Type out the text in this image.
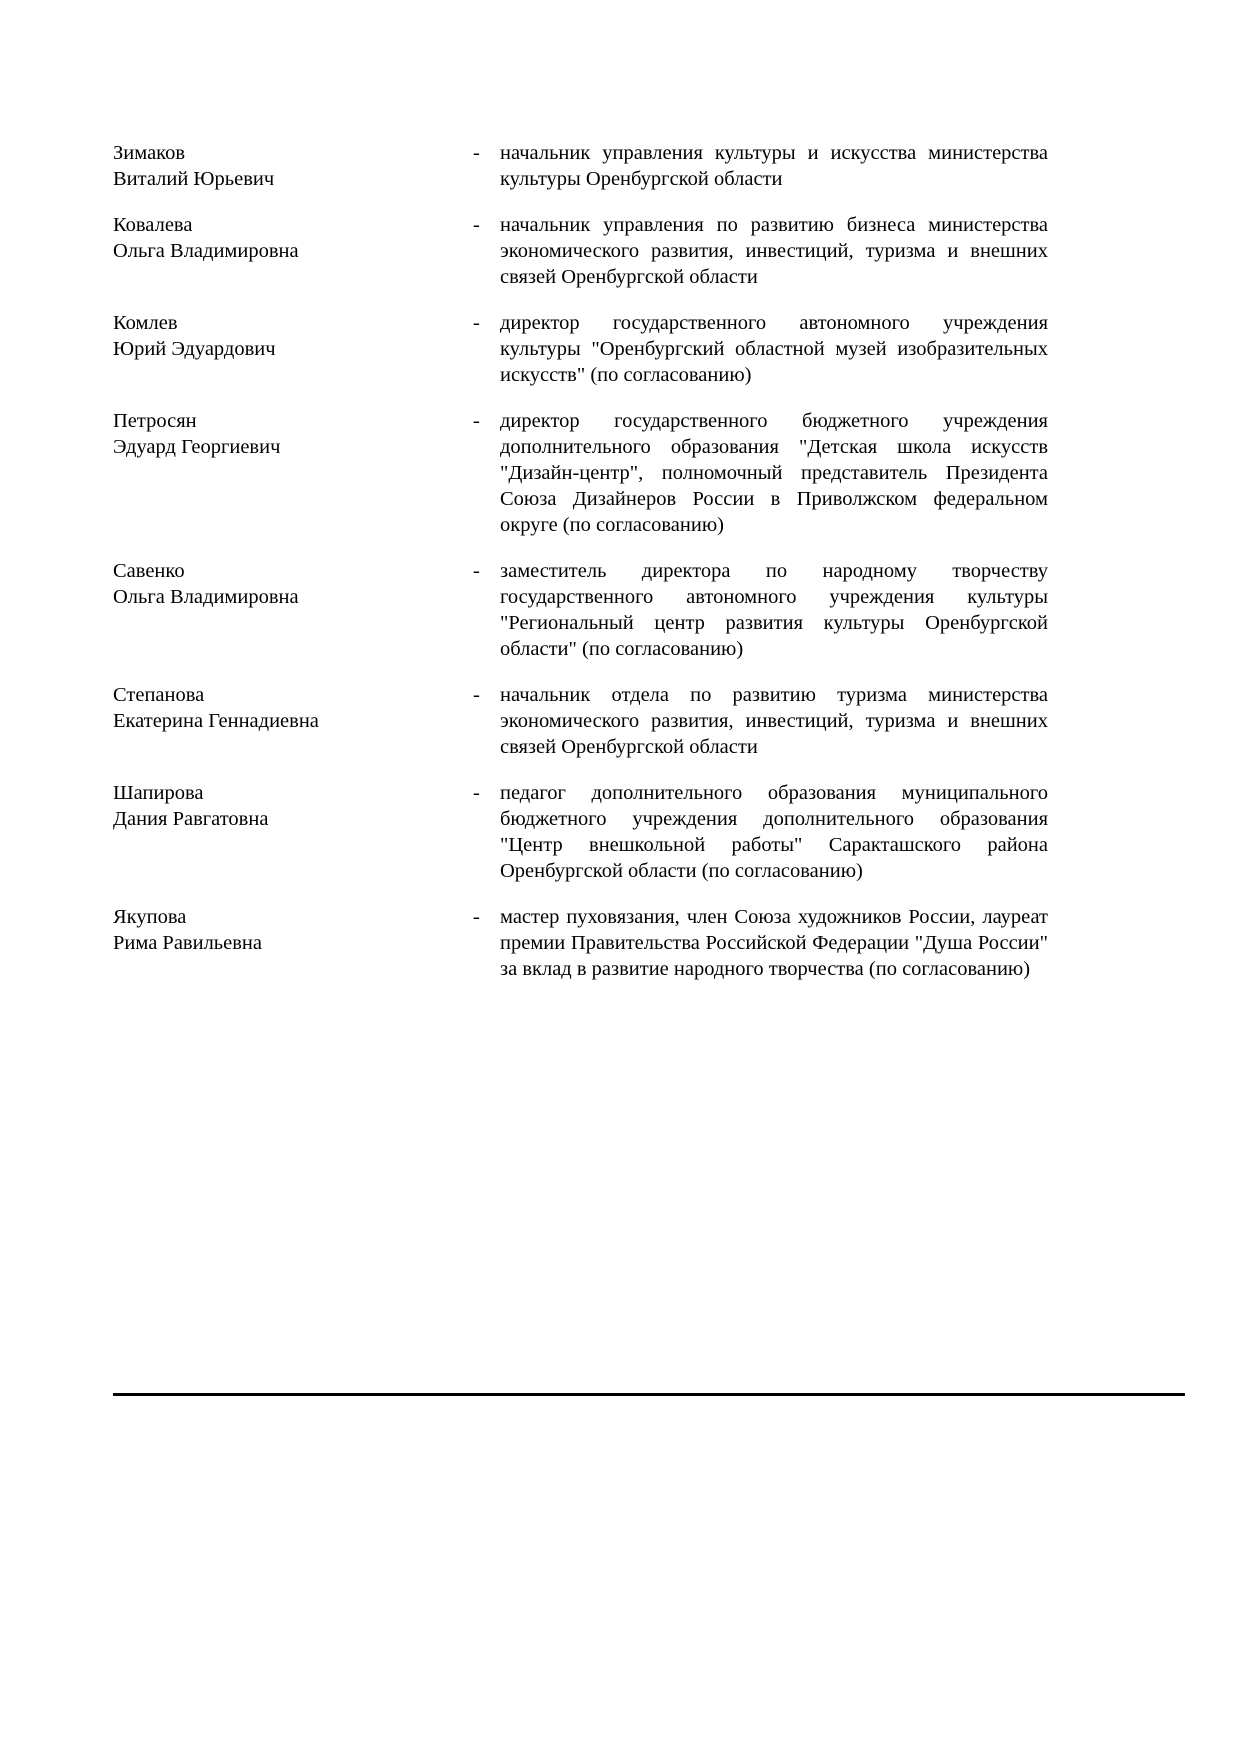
Зимаков
Виталий Юрьевич
- начальник управления культуры и искусства министерства культуры Оренбургской области
Ковалева
Ольга Владимировна
- начальник управления по развитию бизнеса министерства экономического развития, инвестиций, туризма и внешних связей Оренбургской области
Комлев
Юрий Эдуардович
- директор государственного автономного учреждения культуры "Оренбургский областной музей изобразительных искусств" (по согласованию)
Петросян
Эдуард Георгиевич
- директор государственного бюджетного учреждения дополнительного образования "Детская школа искусств "Дизайн-центр", полномочный представитель Президента Союза Дизайнеров России в Приволжском федеральном округе (по согласованию)
Савенко
Ольга Владимировна
- заместитель директора по народному творчеству государственного автономного учреждения культуры "Региональный центр развития культуры Оренбургской области" (по согласованию)
Степанова
Екатерина Геннадиевна
- начальник отдела по развитию туризма министерства экономического развития, инвестиций, туризма и внешних связей Оренбургской области
Шапирова
Дания Равгатовна
- педагог дополнительного образования муниципального бюджетного учреждения дополнительного образования "Центр внешкольной работы" Саракташского района Оренбургской области (по согласованию)
Якупова
Рима Равильевна
- мастер пуховязания, член Союза художников России, лауреат премии Правительства Российской Федерации "Душа России" за вклад в развитие народного творчества (по согласованию)
